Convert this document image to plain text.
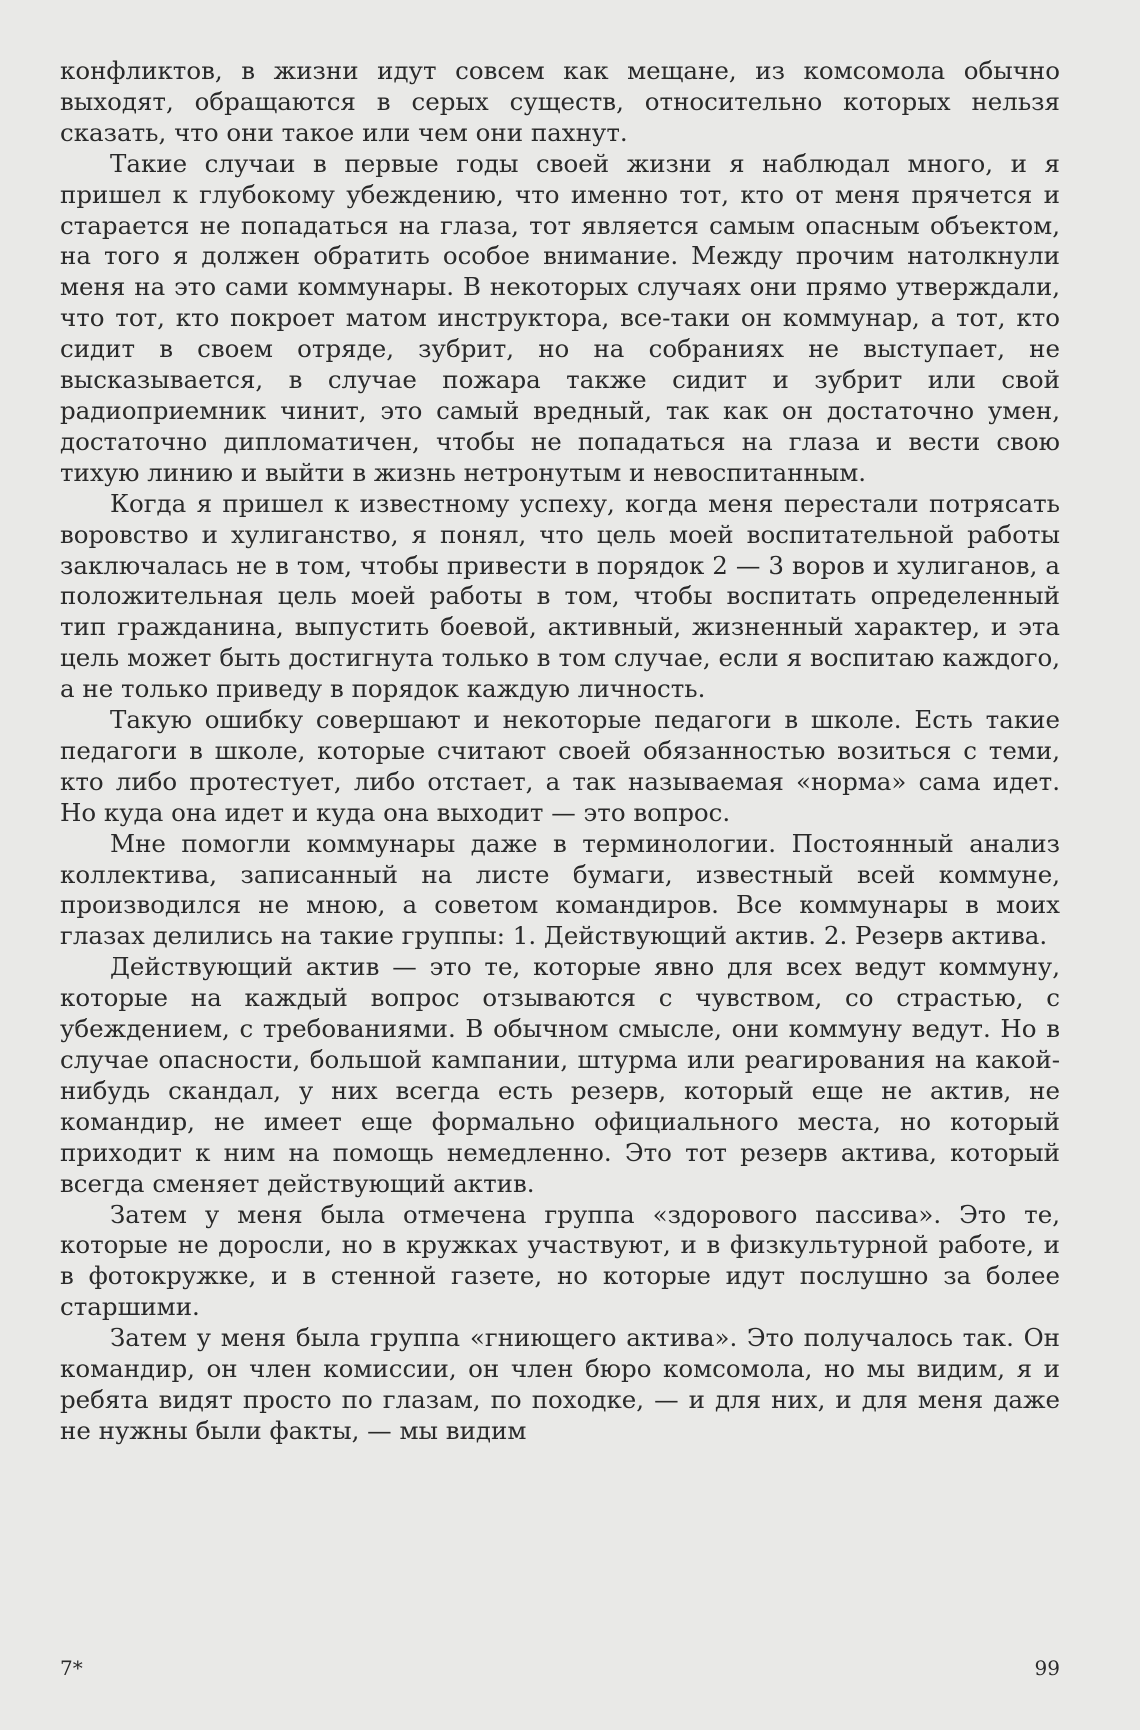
конфликтов, в жизни идут совсем как мещане, из комсомола обычно выходят, обращаются в серых существ, относительно которых нельзя сказать, что они такое или чем они пахнут.

Такие случаи в первые годы своей жизни я наблюдал много, и я пришел к глубокому убеждению, что именно тот, кто от меня прячется и старается не попадаться на глаза, тот является самым опасным объектом, на того я должен обратить особое внимание. Между прочим натолкнули меня на это сами коммунары. В некоторых случаях они прямо утверждали, что тот, кто покроет матом инструктора, все-таки он коммунар, а тот, кто сидит в своем отряде, зубрит, но на собраниях не выступает, не высказывается, в случае пожара также сидит и зубрит или свой радиоприемник чинит, это самый вредный, так как он достаточно умен, достаточно дипломатичен, чтобы не попадаться на глаза и вести свою тихую линию и выйти в жизнь нетронутым и невоспитанным.

Когда я пришел к известному успеху, когда меня перестали потрясать воровство и хулиганство, я понял, что цель моей воспитательной работы заключалась не в том, чтобы привести в порядок 2 — 3 воров и хулиганов, а положительная цель моей работы в том, чтобы воспитать определенный тип гражданина, выпустить боевой, активный, жизненный характер, и эта цель может быть достигнута только в том случае, если я воспитаю каждого, а не только приведу в порядок каждую личность.

Такую ошибку совершают и некоторые педагоги в школе. Есть такие педагоги в школе, которые считают своей обязанностью возиться с теми, кто либо протестует, либо отстает, а так называемая «норма» сама идет. Но куда она идет и куда она выходит — это вопрос.

Мне помогли коммунары даже в терминологии. Постоянный анализ коллектива, записанный на листе бумаги, известный всей коммуне, производился не мною, а советом командиров. Все коммунары в моих глазах делились на такие группы: 1. Действующий актив. 2. Резерв актива.

Действующий актив — это те, которые явно для всех ведут коммуну, которые на каждый вопрос отзываются с чувством, со страстью, с убеждением, с требованиями. В обычном смысле, они коммуну ведут. Но в случае опасности, большой кампании, штурма или реагирования на какой-нибудь скандал, у них всегда есть резерв, который еще не актив, не командир, не имеет еще формально официального места, но который приходит к ним на помощь немедленно. Это тот резерв актива, который всегда сменяет действующий актив.

Затем у меня была отмечена группа «здорового пассива». Это те, которые не доросли, но в кружках участвуют, и в физкультурной работе, и в фотокружке, и в стенной газете, но которые идут послушно за более старшими.

Затем у меня была группа «гниющего актива». Это получалось так. Он командир, он член комиссии, он член бюро комсомола, но мы видим, я и ребята видят просто по глазам, по походке, — и для них, и для меня даже не нужны были факты, — мы видим

7*	99
